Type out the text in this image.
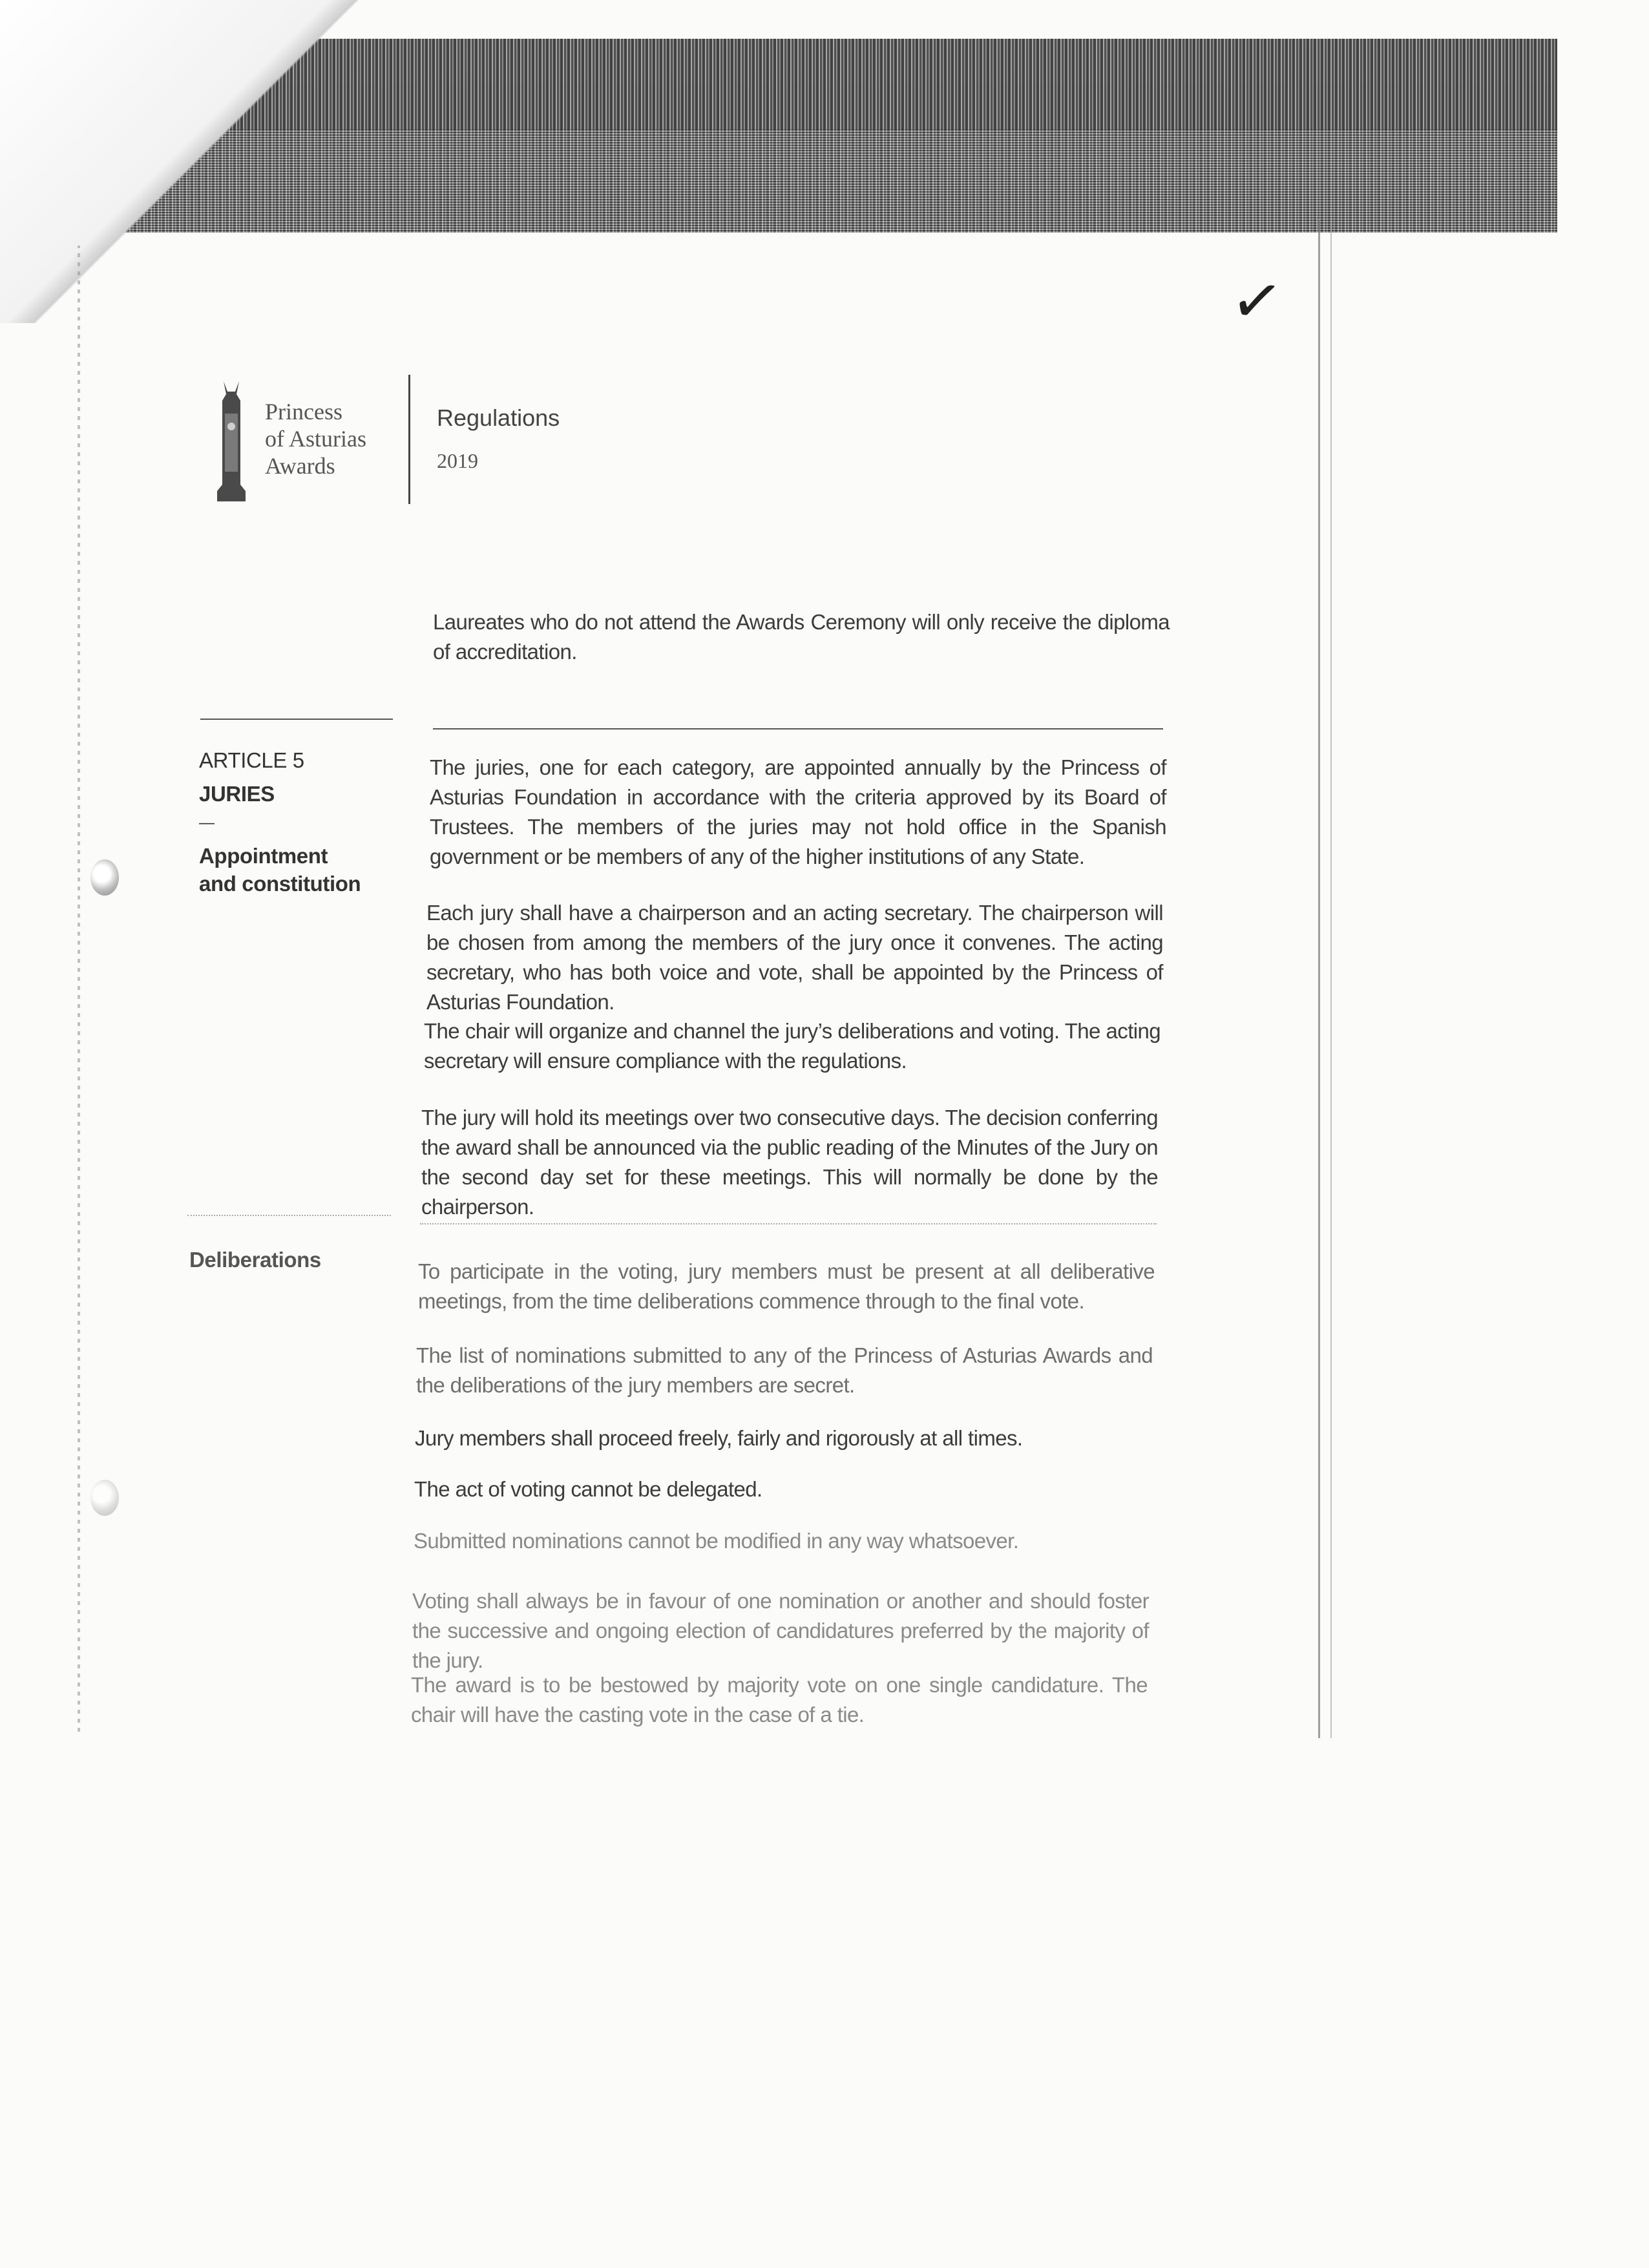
✓
Princess
of Asturias
Awards
Regulations
2019
Laureates who do not attend the Awards Ceremony will only receive the diploma of accreditation.
ARTICLE 5
JURIES
—
Appointment
and constitution
The juries, one for each category, are appointed annually by the Princess of Asturias Foundation in accordance with the criteria approved by its Board of Trustees. The members of the juries may not hold office in the Spanish government or be members of any of the higher institutions of any State.
Each jury shall have a chairperson and an acting secretary. The chairperson will be chosen from among the members of the jury once it convenes. The acting secretary, who has both voice and vote, shall be appointed by the Princess of Asturias Foundation.
The chair will organize and channel the jury’s deliberations and voting. The acting secretary will ensure compliance with the regulations.
The jury will hold its meetings over two consecutive days. The decision conferring the award shall be announced via the public reading of the Minutes of the Jury on the second day set for these meetings. This will normally be done by the chairperson.
Deliberations	To participate in the voting, jury members must be present at all deliberative meetings, from the time deliberations commence through to the final vote.
The list of nominations submitted to any of the Princess of Asturias Awards and the deliberations of the jury members are secret.
Jury members shall proceed freely, fairly and rigorously at all times.
The act of voting cannot be delegated.
Submitted nominations cannot be modified in any way whatsoever.
Voting shall always be in favour of one nomination or another and should foster the successive and ongoing election of candidatures preferred by the majority of the jury.
The award is to be bestowed by majority vote on one single candidature. The chair will have the casting vote in the case of a tie.
